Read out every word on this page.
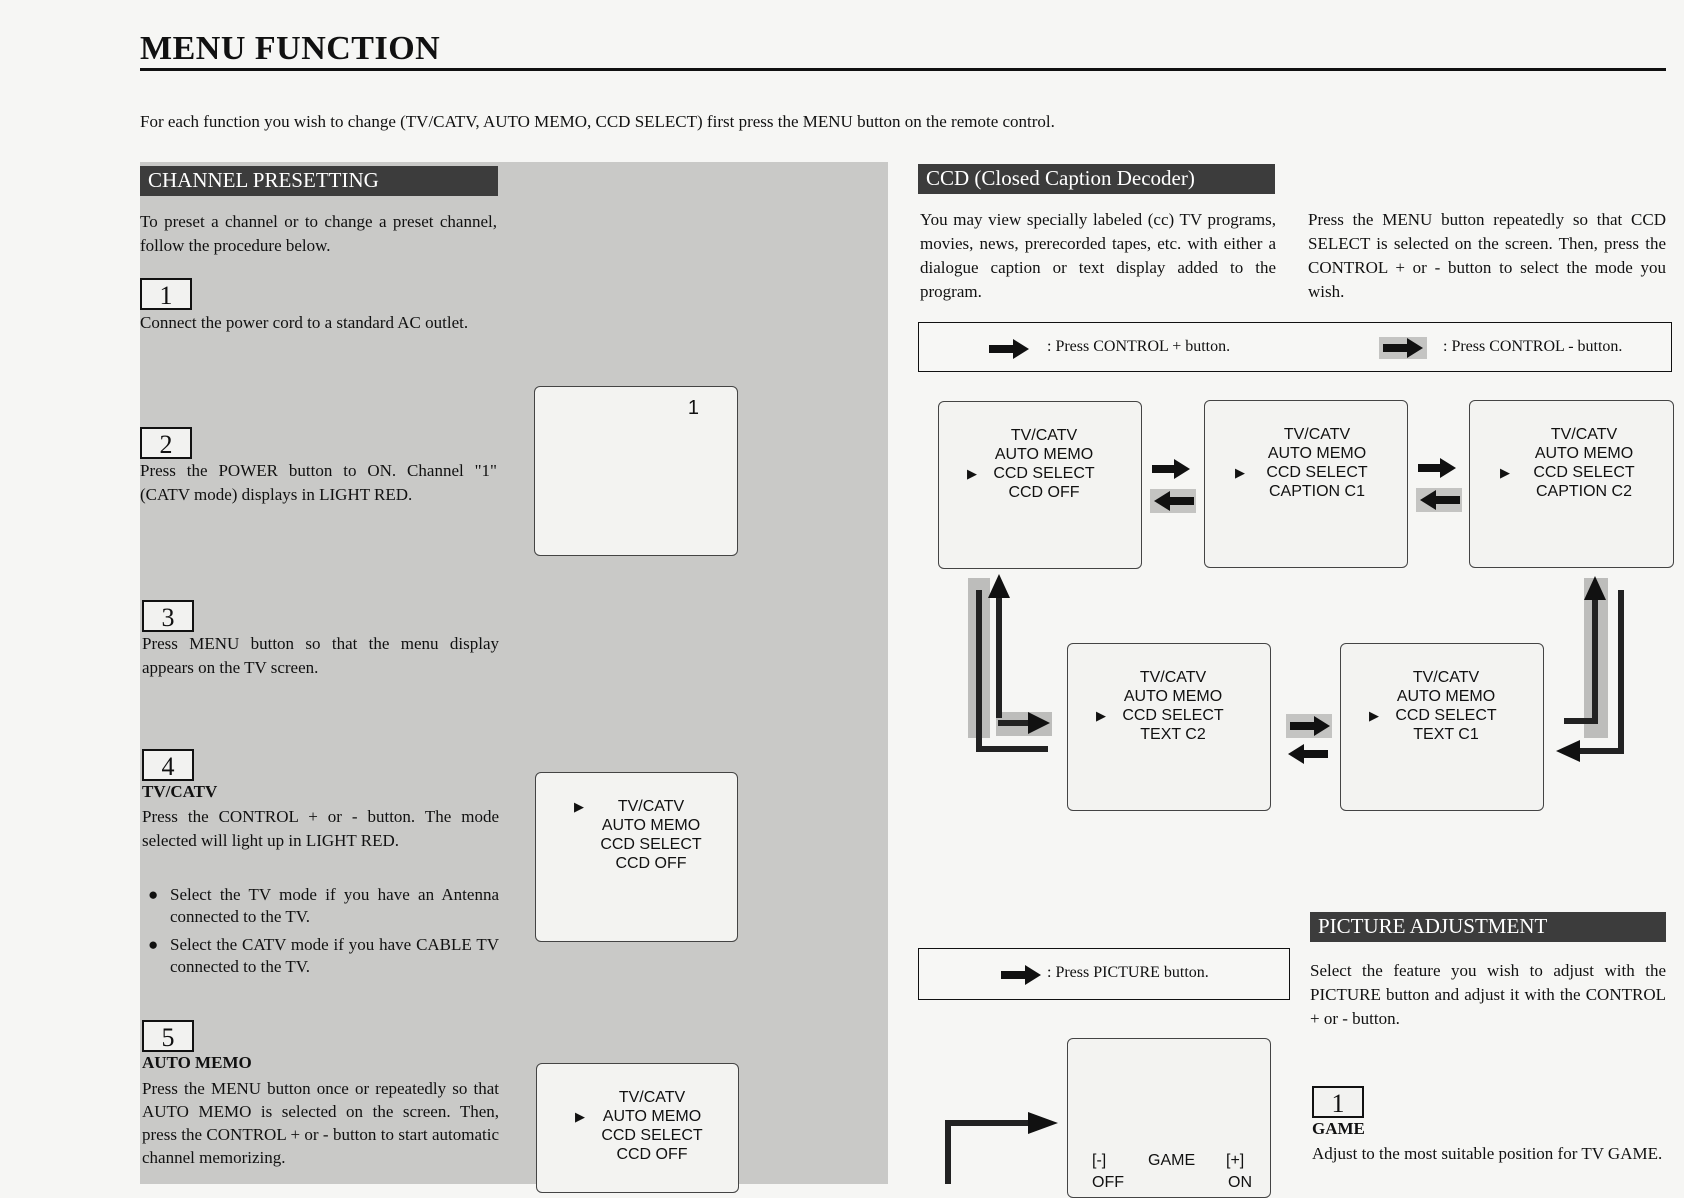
MENU FUNCTION
For each function you wish to change (TV/CATV, AUTO MEMO, CCD SELECT) first press the MENU button on the remote control.
CHANNEL PRESETTING
To preset a channel or to change a preset channel, follow the procedure below.
1
Connect the power cord to a standard AC outlet.
1
2
Press the POWER button to ON. Channel "1" (CATV mode) displays in LIGHT RED.
3
Press MENU button so that the menu display appears on the TV screen.
4
TV/CATV
Press the CONTROL + or - button. The mode selected will light up in LIGHT RED.
● Select the TV mode if you have an Antenna connected to the TV.
● Select the CATV mode if you have CABLE TV connected to the TV.
▶ TV/CATV
AUTO MEMO
CCD SELECT
CCD OFF
5
AUTO MEMO
Press the MENU button once or repeatedly so that AUTO MEMO is selected on the screen. Then, press the CONTROL + or - button to start automatic channel memorizing.
TV/CATV
▶ AUTO MEMO
CCD SELECT
CCD OFF
CCD (Closed Caption Decoder)
You may view specially labeled (cc) TV programs, movies, news, prerecorded tapes, etc. with either a dialogue caption or text display added to the program.
Press the MENU button repeatedly so that CCD SELECT is selected on the screen. Then, press the CONTROL + or - button to select the mode you wish.
: Press CONTROL + button.	: Press CONTROL - button.
TV/CATV
AUTO MEMO
▶ CCD SELECT
CCD OFF
TV/CATV
AUTO MEMO
▶ CCD SELECT
CAPTION C1
TV/CATV
AUTO MEMO
▶ CCD SELECT
CAPTION C2
TV/CATV
AUTO MEMO
▶ CCD SELECT
TEXT C2
TV/CATV
AUTO MEMO
▶ CCD SELECT
TEXT C1
PICTURE ADJUSTMENT
: Press PICTURE button.	Select the feature you wish to adjust with the PICTURE button and adjust it with the CONTROL + or - button.
[-]	GAME [+]
OFF	ON
1
GAME
Adjust to the most suitable position for TV GAME.
